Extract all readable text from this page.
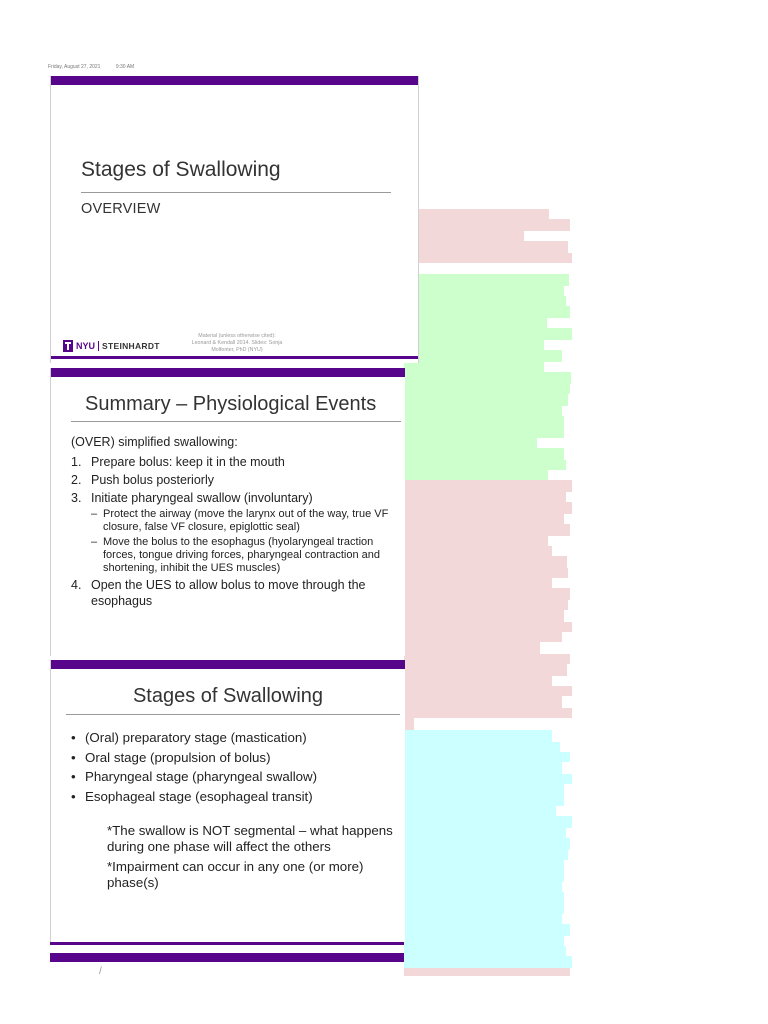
Friday, August 27, 2021	9:30 AM
Stages of Swallowing
OVERVIEW
NYU STEINHARDT
Material (unless otherwise cited):
Leonard & Kendall 2014. Slides: Sonja
Molfenter, PhD (NYU)
Summary – Physiological Events
(OVER) simplified swallowing:
1. Prepare bolus: keep it in the mouth
2. Push bolus posteriorly
3. Initiate pharyngeal swallow (involuntary)
– Protect the airway (move the larynx out of the way, true VF closure, false VF closure, epiglottic seal)
– Move the bolus to the esophagus (hyolaryngeal traction forces, tongue driving forces, pharyngeal contraction and shortening, inhibit the UES muscles)
4. Open the UES to allow bolus to move through the esophagus
Stages of Swallowing
• (Oral) preparatory stage (mastication)
• Oral stage (propulsion of bolus)
• Pharyngeal stage (pharyngeal swallow)
• Esophageal stage (esophageal transit)
*The swallow is NOT segmental – what happens during one phase will affect the others
*Impairment can occur in any one (or more) phase(s)
/
